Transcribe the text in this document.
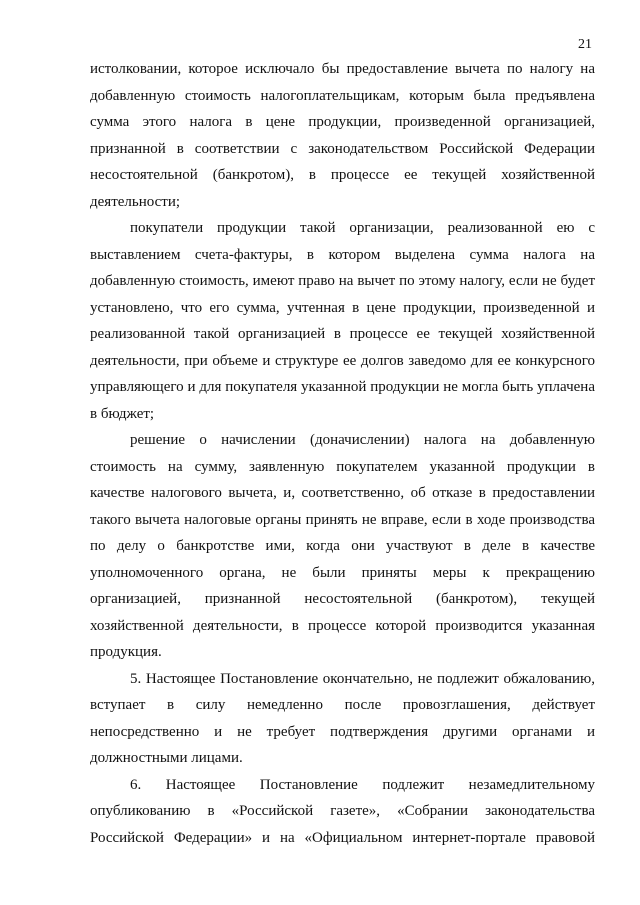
21

истолковании, которое исключало бы предоставление вычета по налогу на добавленную стоимость налогоплательщикам, которым была предъявлена сумма этого налога в цене продукции, произведенной организацией, признанной в соответствии с законодательством Российской Федерации несостоятельной (банкротом), в процессе ее текущей хозяйственной деятельности;

покупатели продукции такой организации, реализованной ею с выставлением счета-фактуры, в котором выделена сумма налога на добавленную стоимость, имеют право на вычет по этому налогу, если не будет установлено, что его сумма, учтенная в цене продукции, произведенной и реализованной такой организацией в процессе ее текущей хозяйственной деятельности, при объеме и структуре ее долгов заведомо для ее конкурсного управляющего и для покупателя указанной продукции не могла быть уплачена в бюджет;

решение о начислении (доначислении) налога на добавленную стоимость на сумму, заявленную покупателем указанной продукции в качестве налогового вычета, и, соответственно, об отказе в предоставлении такого вычета налоговые органы принять не вправе, если в ходе производства по делу о банкротстве ими, когда они участвуют в деле в качестве уполномоченного органа, не были приняты меры к прекращению организацией, признанной несостоятельной (банкротом), текущей хозяйственной деятельности, в процессе которой производится указанная продукция.

5. Настоящее Постановление окончательно, не подлежит обжалованию, вступает в силу немедленно после провозглашения, действует непосредственно и не требует подтверждения другими органами и должностными лицами.

6. Настоящее Постановление подлежит незамедлительному опубликованию в «Российской газете», «Собрании законодательства Российской Федерации» и на «Официальном интернет-портале правовой
